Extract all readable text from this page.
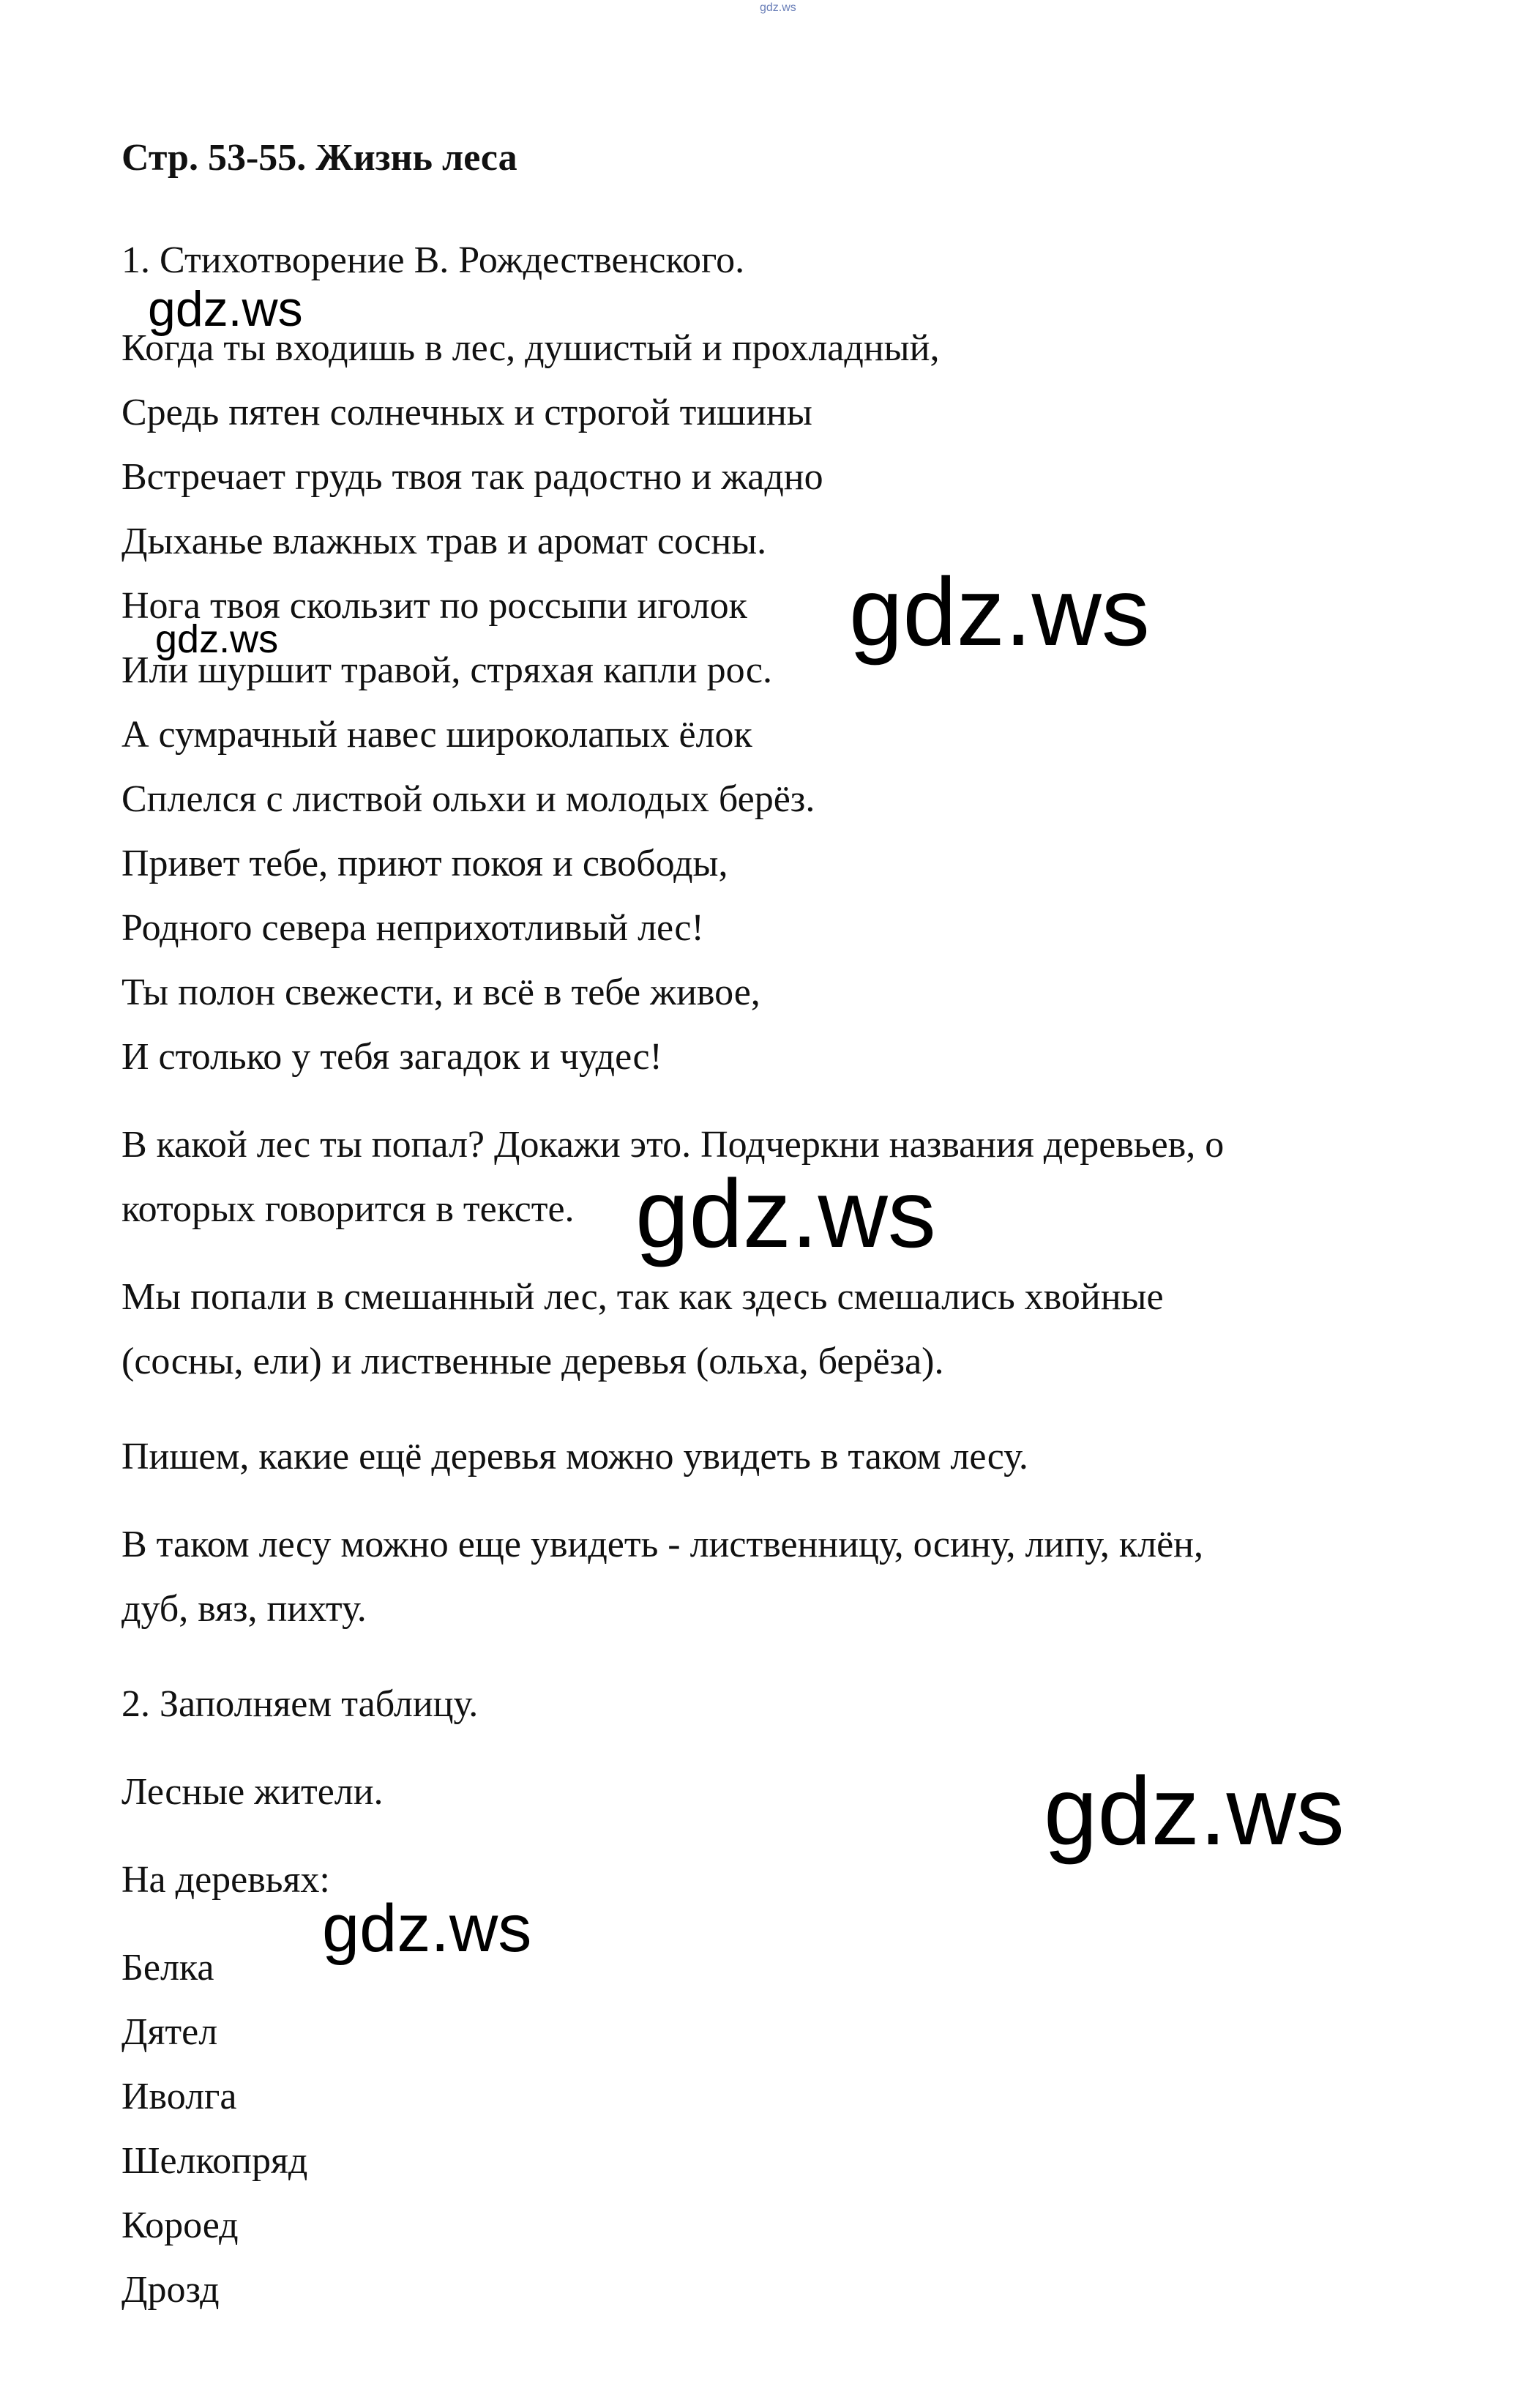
gdz.ws
Стр. 53-55. Жизнь леса
1. Стихотворение В. Рождественского.
Когда ты входишь в лес, душистый и прохладный,
Средь пятен солнечных и строгой тишины
Встречает грудь твоя так радостно и жадно
Дыханье влажных трав и аромат сосны.
Нога твоя скользит по россыпи иголок
Или шуршит травой, стряхая капли рос.
А сумрачный навес широколапых ёлок
Сплелся с листвой ольхи и молодых берёз.
Привет тебе, приют покоя и свободы,
Родного севера неприхотливый лес!
Ты полон свежести, и всё в тебе живое,
И столько у тебя загадок и чудес!
В какой лес ты попал? Докажи это. Подчеркни названия деревьев, о
которых говорится в тексте.
Мы попали в смешанный лес, так как здесь смешались хвойные
(сосны, ели) и лиственные деревья (ольха, берёза).
Пишем, какие ещё деревья можно увидеть в таком лесу.
В таком лесу можно еще увидеть - лиственницу, осину, липу, клён,
дуб, вяз, пихту.
2. Заполняем таблицу.
Лесные жители.
На деревьях:
Белка
Дятел
Иволга
Шелкопряд
Короед
Дрозд
gdz.ws
gdz.ws	gdz.ws
gdz.ws
gdz.ws
gdz.ws
